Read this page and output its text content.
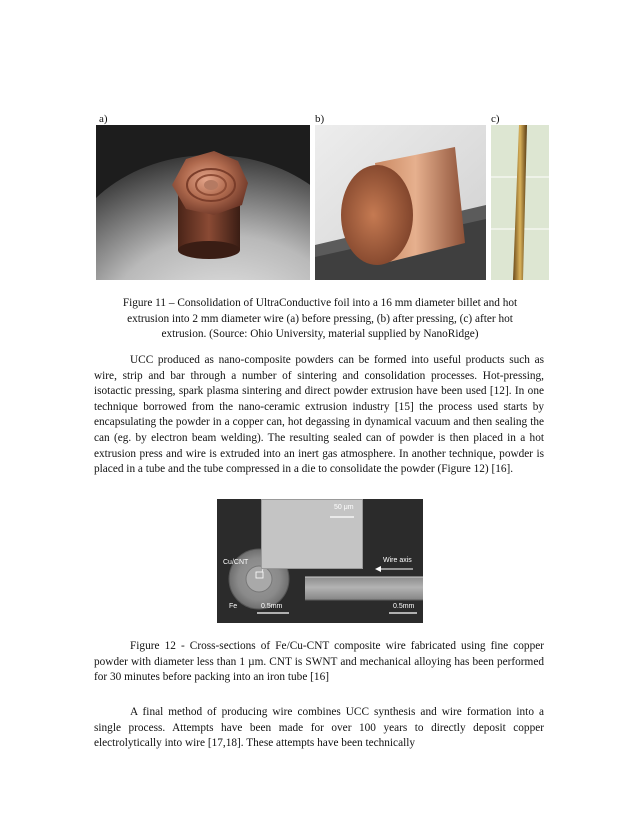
a)	b)	c)
Figure 11 – Consolidation of UltraConductive foil into a 16 mm diameter billet and hot
extrusion into 2 mm diameter wire (a) before pressing, (b) after pressing, (c) after hot
extrusion. (Source: Ohio University, material supplied by NanoRidge)
UCC produced as nano-composite powders can be formed into useful products such as wire, strip and bar through a number of sintering and consolidation processes. Hot-pressing, isotactic pressing, spark plasma sintering and direct powder extrusion have been used [12]. In one technique borrowed from the nano-ceramic extrusion industry [15] the process used starts by encapsulating the powder in a copper can, hot degassing in dynamical vacuum and then sealing the can (eg. by electron beam welding). The resulting sealed can of powder is then placed in a hot extrusion press and wire is extruded into an inert gas atmosphere. In another technique, powder is placed in a tube and the tube compressed in a die to consolidate the powder (Figure 12) [16].
50 μm
Cu/CNT
Fe	0.5mm
Wire axis
0.5mm
Figure 12 - Cross-sections of Fe/Cu-CNT composite wire fabricated using fine copper powder with diameter less than 1 µm. CNT is SWNT and mechanical alloying has been performed for 30 minutes before packing into an iron tube [16]
A final method of producing wire combines UCC synthesis and wire formation into a single process. Attempts have been made for over 100 years to directly deposit copper electrolytically into wire [17,18]. These attempts have been technically
